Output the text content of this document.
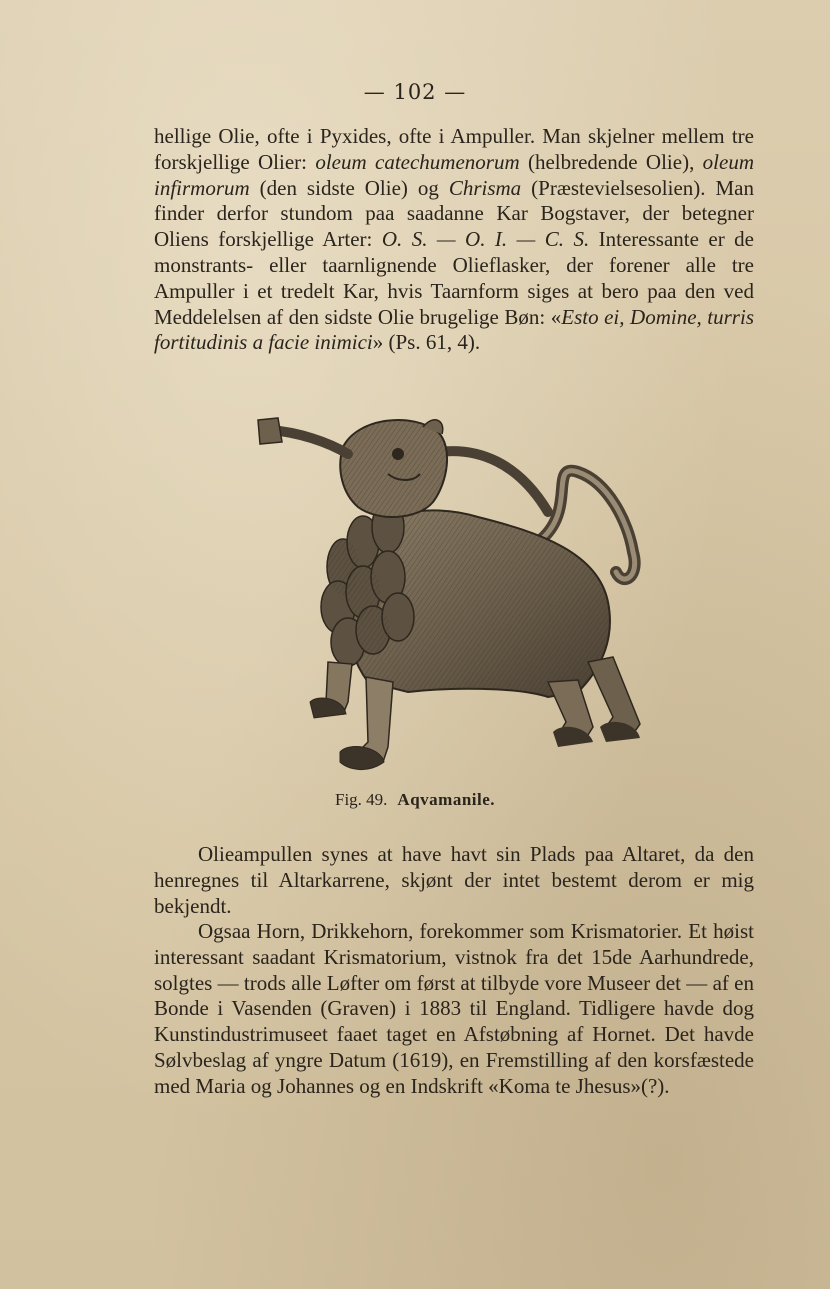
— 102 —

hellige Olie, ofte i Pyxides, ofte i Ampuller. Man skjelner mellem tre forskjellige Olier: oleum catechumenorum (helbredende Olie), oleum infirmorum (den sidste Olie) og Chrisma (Præstevielsesolien). Man finder derfor stundom paa saadanne Kar Bogstaver, der betegner Oliens forskjellige Arter: O. S. — O. I. — C. S. Interessante er de monstrants- eller taarnlignende Olieflasker, der forener alle tre Ampuller i et tredelt Kar, hvis Taarnform siges at bero paa den ved Meddelelsen af den sidste Olie brugelige Bøn: «Esto ei, Domine, turris fortitudinis a facie inimici» (Ps. 61, 4).

Fig. 49. Aqvamanile.

Olieampullen synes at have havt sin Plads paa Altaret, da den henregnes til Altarkarrene, skjønt der intet bestemt derom er mig bekjendt.

Ogsaa Horn, Drikkehorn, forekommer som Krismatorier. Et høist interessant saadant Krismatorium, vistnok fra det 15de Aarhundrede, solgtes — trods alle Løfter om først at tilbyde vore Museer det — af en Bonde i Vasenden (Graven) i 1883 til England. Tidligere havde dog Kunstindustrimuseet faaet taget en Afstøbning af Hornet. Det havde Sølvbeslag af yngre Datum (1619), en Fremstilling af den korsfæstede med Maria og Johannes og en Indskrift «Koma te Jhesus»(?).
